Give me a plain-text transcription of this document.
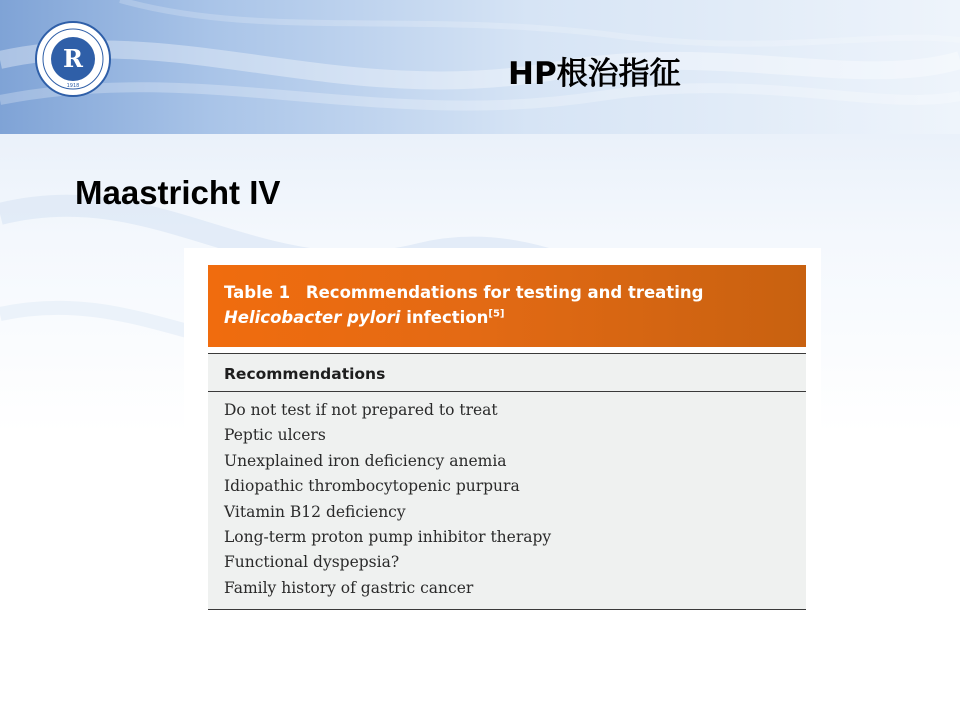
R
1918	HP根治指征
Maastricht IV
Table 1 Recommendations for testing and treating Helicobacter pylori infection[5]
Recommendations
Do not test if not prepared to treat
Peptic ulcers
Unexplained iron deficiency anemia
Idiopathic thrombocytopenic purpura
Vitamin B12 deficiency
Long-term proton pump inhibitor therapy
Functional dyspepsia?
Family history of gastric cancer
